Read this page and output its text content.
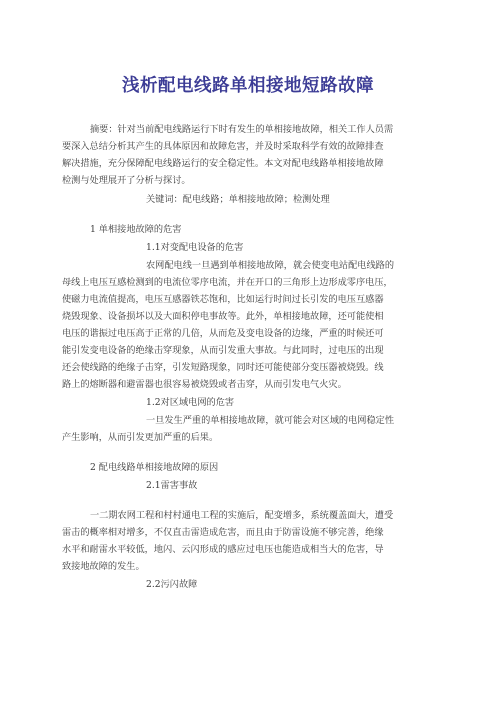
浅析配电线路单相接地短路故障
摘要：针对当前配电线路运行下时有发生的单相接地故障，相关工作人员需
要深入总结分析其产生的具体原因和故障危害，并及时采取科学有效的故障排查
解决措施，充分保障配电线路运行的安全稳定性。本文对配电线路单相接地故障
检测与处理展开了分析与探讨。
关键词：配电线路；单相接地故障；检测处理
1 单相接地故障的危害
1.1对变配电设备的危害
农网配电线一旦遇到单相接地故障，就会使变电站配电线路的
母线上电压互感检测到的电流位零序电流，并在开口的三角形上边形成零序电压，
使磁力电流值提高，电压互感器铁芯饱和，比如运行时间过长引发的电压互感器
烧毁现象、设备损坏以及大面积停电事故等。此外，单相接地故障，还可能使相
电压的谐振过电压高于正常的几倍，从而危及变电设备的边缘，严重的时候还可
能引发变电设备的绝缘击穿现象，从而引发重大事故。与此同时，过电压的出现
还会使线路的绝缘子击穿，引发短路现象，同时还可能使部分变压器被烧毁。线
路上的熔断器和避雷器也很容易被烧毁或者击穿，从而引发电气火灾。
1.2对区域电网的危害
一旦发生严重的单相接地故障，就可能会对区域的电网稳定性
产生影响，从而引发更加严重的后果。
2 配电线路单相接地故障的原因
2.1雷害事故
一二期农网工程和村村通电工程的实施后，配变增多，系统覆盖面大，遭受
雷击的概率相对增多，不仅直击雷造成危害，而且由于防雷设施不够完善，绝缘
水平和耐雷水平较低，地闪、云闪形成的感应过电压也能造成相当大的危害，导
致接地故障的发生。
2.2污闪故障
